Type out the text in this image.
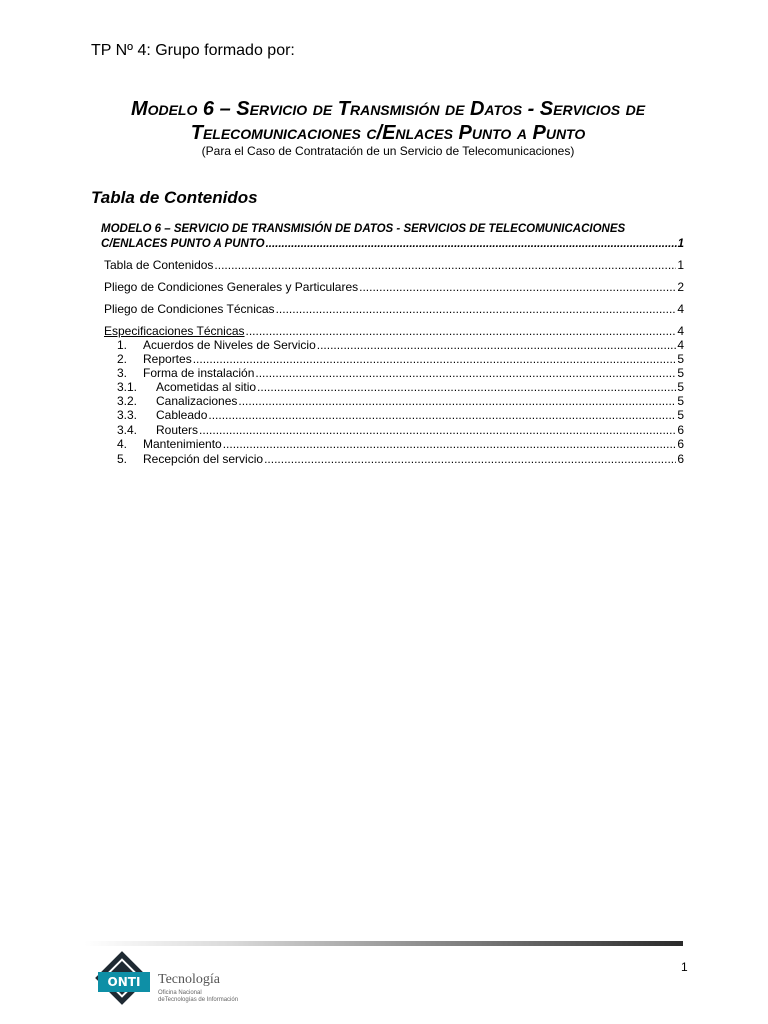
TP Nº 4: Grupo formado por:
Modelo 6 – Servicio de Transmisión de Datos - Servicios de
Telecomunicaciones c/Enlaces Punto a Punto
(Para el Caso de Contratación de un Servicio de Telecomunicaciones)
Tabla de Contenidos
MODELO 6 – SERVICIO DE TRANSMISIÓN DE DATOS - SERVICIOS DE TELECOMUNICACIONES
C/ENLACES PUNTO A PUNTO .....	1
Tabla de Contenidos .....	1
Pliego de Condiciones Generales y Particulares .....	2
Pliego de Condiciones Técnicas .....	4
Especificaciones Técnicas .....	4
1.	Acuerdos de Niveles de Servicio .....	4
2.	Reportes .....	5
3.	Forma de instalación .....	5
3.1.	Acometidas al sitio .....	5
3.2.	Canalizaciones .....	5
3.3.	Cableado .....	5
3.4.	Routers .....	6
4.	Mantenimiento .....	6
5.	Recepción del servicio .....	6
1
ONTI	Tecnología
Oficina Nacional
deTecnologías de Información
